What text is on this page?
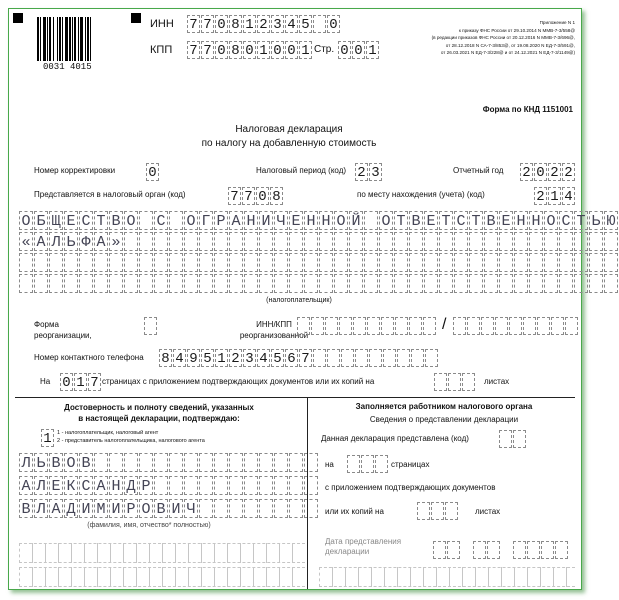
0031 4015
ИНН 7 7 0 8 1 2 3 4 5 0
КПП 7 7 0 8 0 1 0 0 1 Стр. 0 0 1
Приложение N 1
к приказу ФНС России от 29.10.2014 N ММВ-7-3/558@
(в редакции приказов ФНС России от 20.12.2016 N ММВ-7-3/696@,
от 28.12.2018 N СА-7-3/853@, от 19.08.2020 N ЕД-7-3/591@,
от 26.03.2021 N ЕД-7-3/228@ и от 24.12.2021 N ЕД-7-3/1149@)
Форма по КНД 1151001
Налоговая декларация
по налогу на добавленную стоимость
Номер корректировки 0	Налоговый период (код) 2 3	Отчетный год 2 0 2 2
Представляется в налоговый орган (код)	7 7 0 8	по месту нахождения (учета) (код)	2 1 4
О Б Щ Е С Т В О С О Г Р А Н И Ч Е Н Н О Й О Т В Е Т С Т В Е Н Н О С Т Ь Ю
« А Л Ь Ф А »
(налогоплательщик)
Форма
реорганизации,
ИНН/КПП
реорганизованной
/
Номер контактного телефона	8 4 9 5 1 2 3 4 5 6 7
На 0 1 7 страницах с приложением подтверждающих документов или их копий на	листах
Достоверность и полноту сведений, указанных
в настоящей декларации, подтверждаю:
1 1 - налогоплательщик, налоговый агент
2 - представитель налогоплательщика, налогового агента
Л Ь В О В
А Л Е К С А Н Д Р
В Л А Д И М И Р О В И Ч
(фамилия, имя, отчество* полностью)
Заполняется работником налогового органа
Сведения о представлении декларации
Данная декларация представлена (код)
на	страницах
с приложением подтверждающих документов
или их копий на	листах
Дата представления
декларации
